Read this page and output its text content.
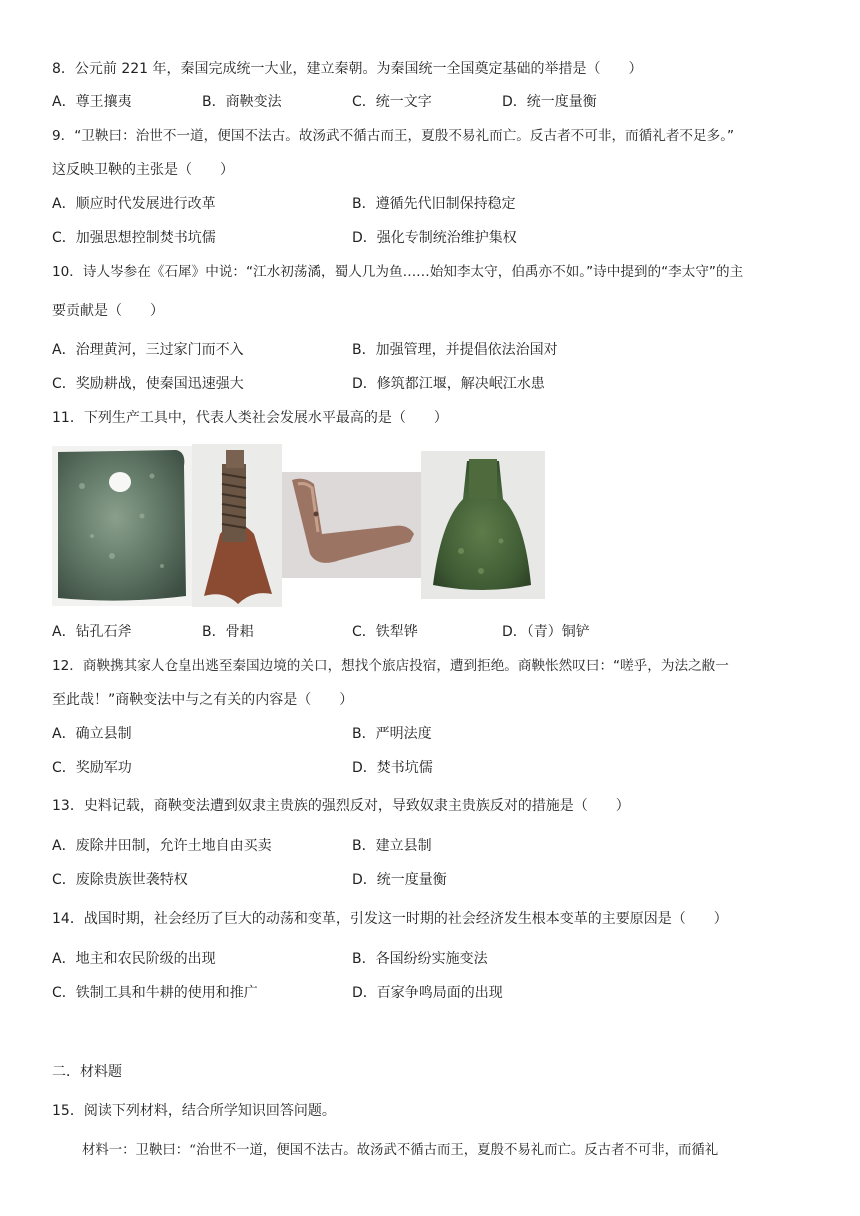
8．公元前 221 年，秦国完成统一大业，建立秦朝。为秦国统一全国奠定基础的举措是（　　）
A．尊王攘夷	B．商鞅变法	C．统一文字	D．统一度量衡
9．“卫鞅曰：治世不一道，便国不法古。故汤武不循古而王，夏殷不易礼而亡。反古者不可非，而循礼者不足多。”
这反映卫鞅的主张是（　　）
A．顺应时代发展进行改革	B．遵循先代旧制保持稳定
C．加强思想控制焚书坑儒	D．强化专制统治维护集权
10．诗人岑参在《石犀》中说：“江水初荡潏，蜀人几为鱼……始知李太守，伯禹亦不如。”诗中提到的“李太守”的主
要贡献是（　　）
A．治理黄河，三过家门而不入	B．加强管理，并提倡依法治国对
C．奖励耕战，使秦国迅速强大	D．修筑都江堰，解决岷江水患
11．下列生产工具中，代表人类社会发展水平最高的是（　　）
A．钻孔石斧	B．骨耜	C．铁犁铧	D．（青）铜铲
12．商鞅携其家人仓皇出逃至秦国边境的关口，想找个旅店投宿，遭到拒绝。商鞅怅然叹曰：“嗟乎，为法之敝一
至此哉！”商鞅变法中与之有关的内容是（　　）
A．确立县制	B．严明法度
C．奖励军功	D．焚书坑儒
13．史料记载，商鞅变法遭到奴隶主贵族的强烈反对，导致奴隶主贵族反对的措施是（　　）
A．废除井田制，允许土地自由买卖	B．建立县制
C．废除贵族世袭特权	D．统一度量衡
14．战国时期，社会经历了巨大的动荡和变革，引发这一时期的社会经济发生根本变革的主要原因是（　　）
A．地主和农民阶级的出现	B．各国纷纷实施变法
C．铁制工具和牛耕的使用和推广	D．百家争鸣局面的出现
二．材料题
15．阅读下列材料，结合所学知识回答问题。
材料一：卫鞅曰：“治世不一道，便国不法古。故汤武不循古而王，夏殷不易礼而亡。反古者不可非，而循礼
